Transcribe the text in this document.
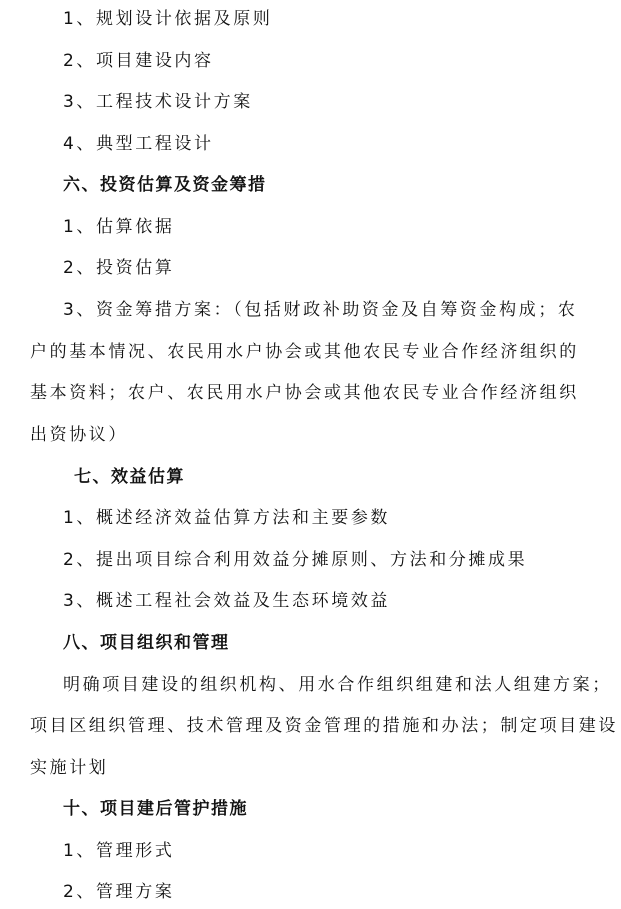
1、规划设计依据及原则
2、项目建设内容
3、工程技术设计方案
4、典型工程设计
六、投资估算及资金筹措
1、估算依据
2、投资估算
3、资金筹措方案：（包括财政补助资金及自筹资金构成；农
户的基本情况、农民用水户协会或其他农民专业合作经济组织的
基本资料；农户、农民用水户协会或其他农民专业合作经济组织
出资协议）
七、效益估算
1、概述经济效益估算方法和主要参数
2、提出项目综合利用效益分摊原则、方法和分摊成果
3、概述工程社会效益及生态环境效益
八、项目组织和管理
明确项目建设的组织机构、用水合作组织组建和法人组建方案；
项目区组织管理、技术管理及资金管理的措施和办法；制定项目建设
实施计划
十、项目建后管护措施
1、管理形式
2、管理方案
